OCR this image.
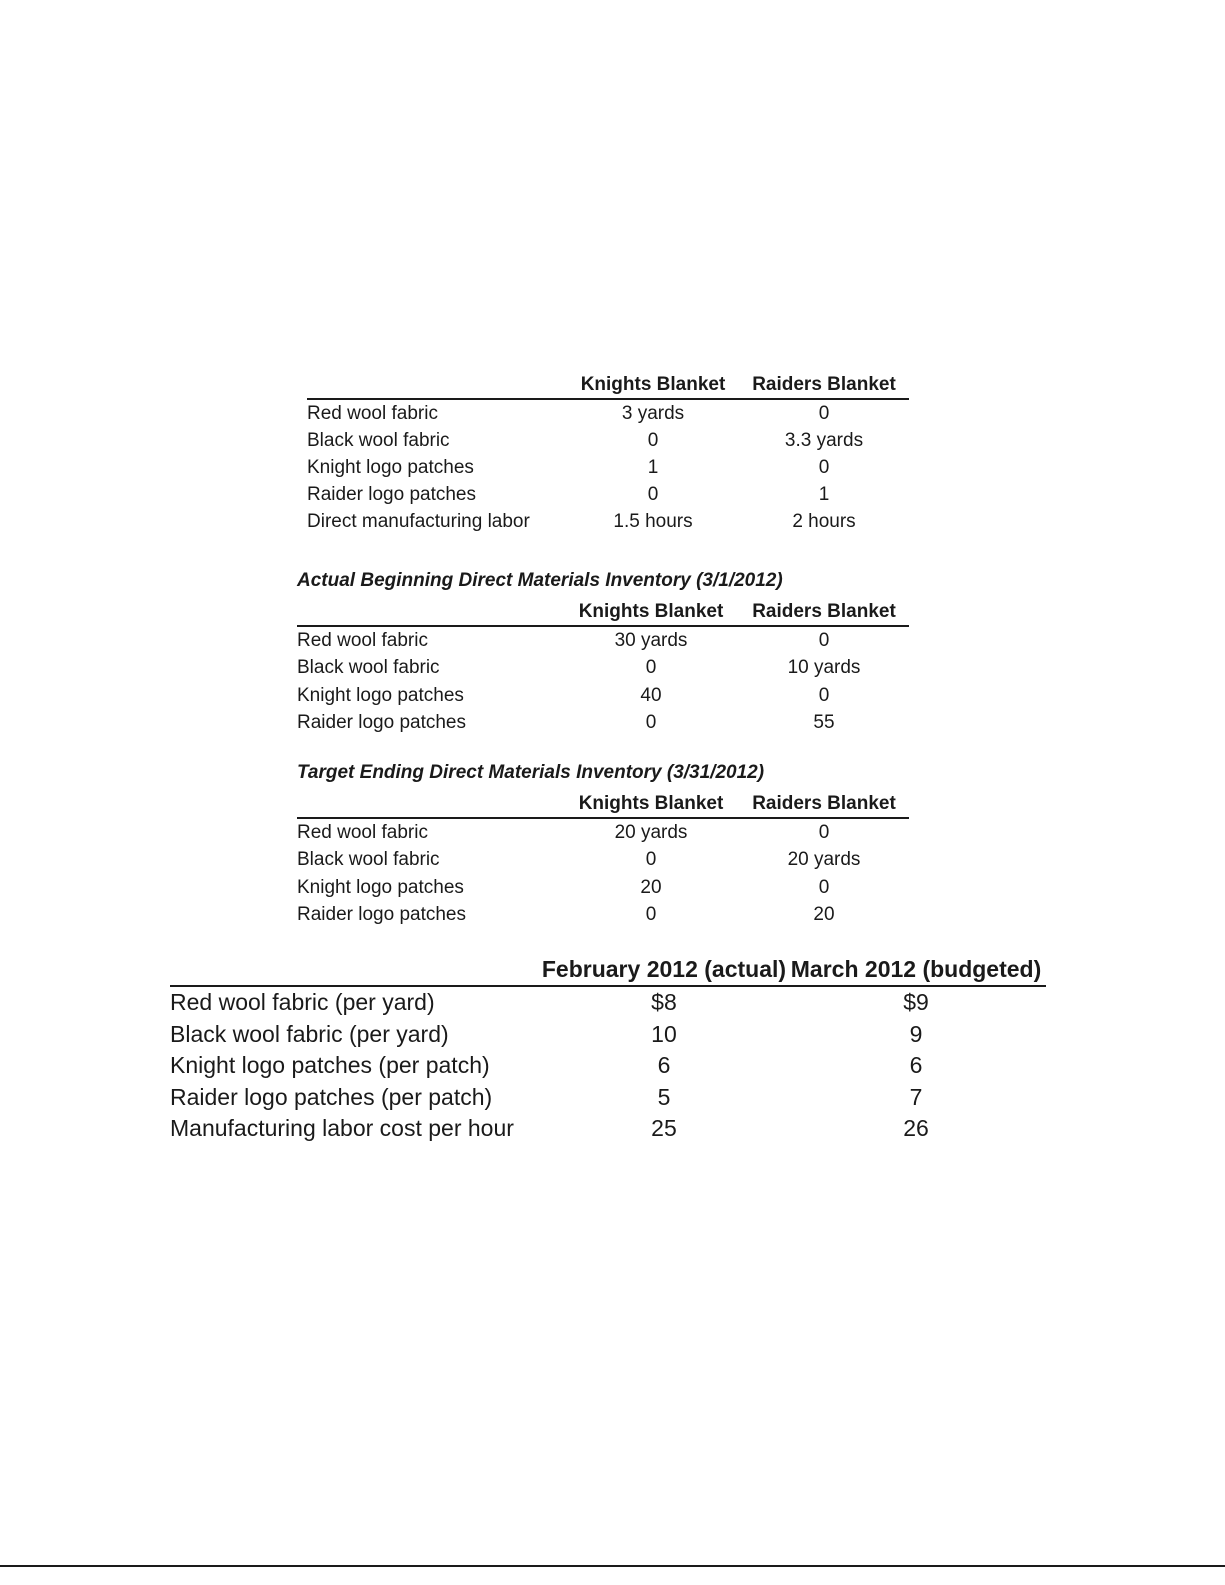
	Knights Blanket	Raiders Blanket
Red wool fabric	3 yards	0
Black wool fabric	0	3.3 yards
Knight logo patches	1	0
Raider logo patches	0	1
Direct manufacturing labor	1.5 hours	2 hours
Actual Beginning Direct Materials Inventory (3/1/2012)
	Knights Blanket	Raiders Blanket
Red wool fabric	30 yards	0
Black wool fabric	0	10 yards
Knight logo patches	40	0
Raider logo patches	0	55
Target Ending Direct Materials Inventory (3/31/2012)
	Knights Blanket	Raiders Blanket
Red wool fabric	20 yards	0
Black wool fabric	0	20 yards
Knight logo patches	20	0
Raider logo patches	0	20
	February 2012 (actual)	March 2012 (budgeted)
Red wool fabric (per yard)	$8	$9
Black wool fabric (per yard)	10	9
Knight logo patches (per patch)	6	6
Raider logo patches (per patch)	5	7
Manufacturing labor cost per hour	25	26
